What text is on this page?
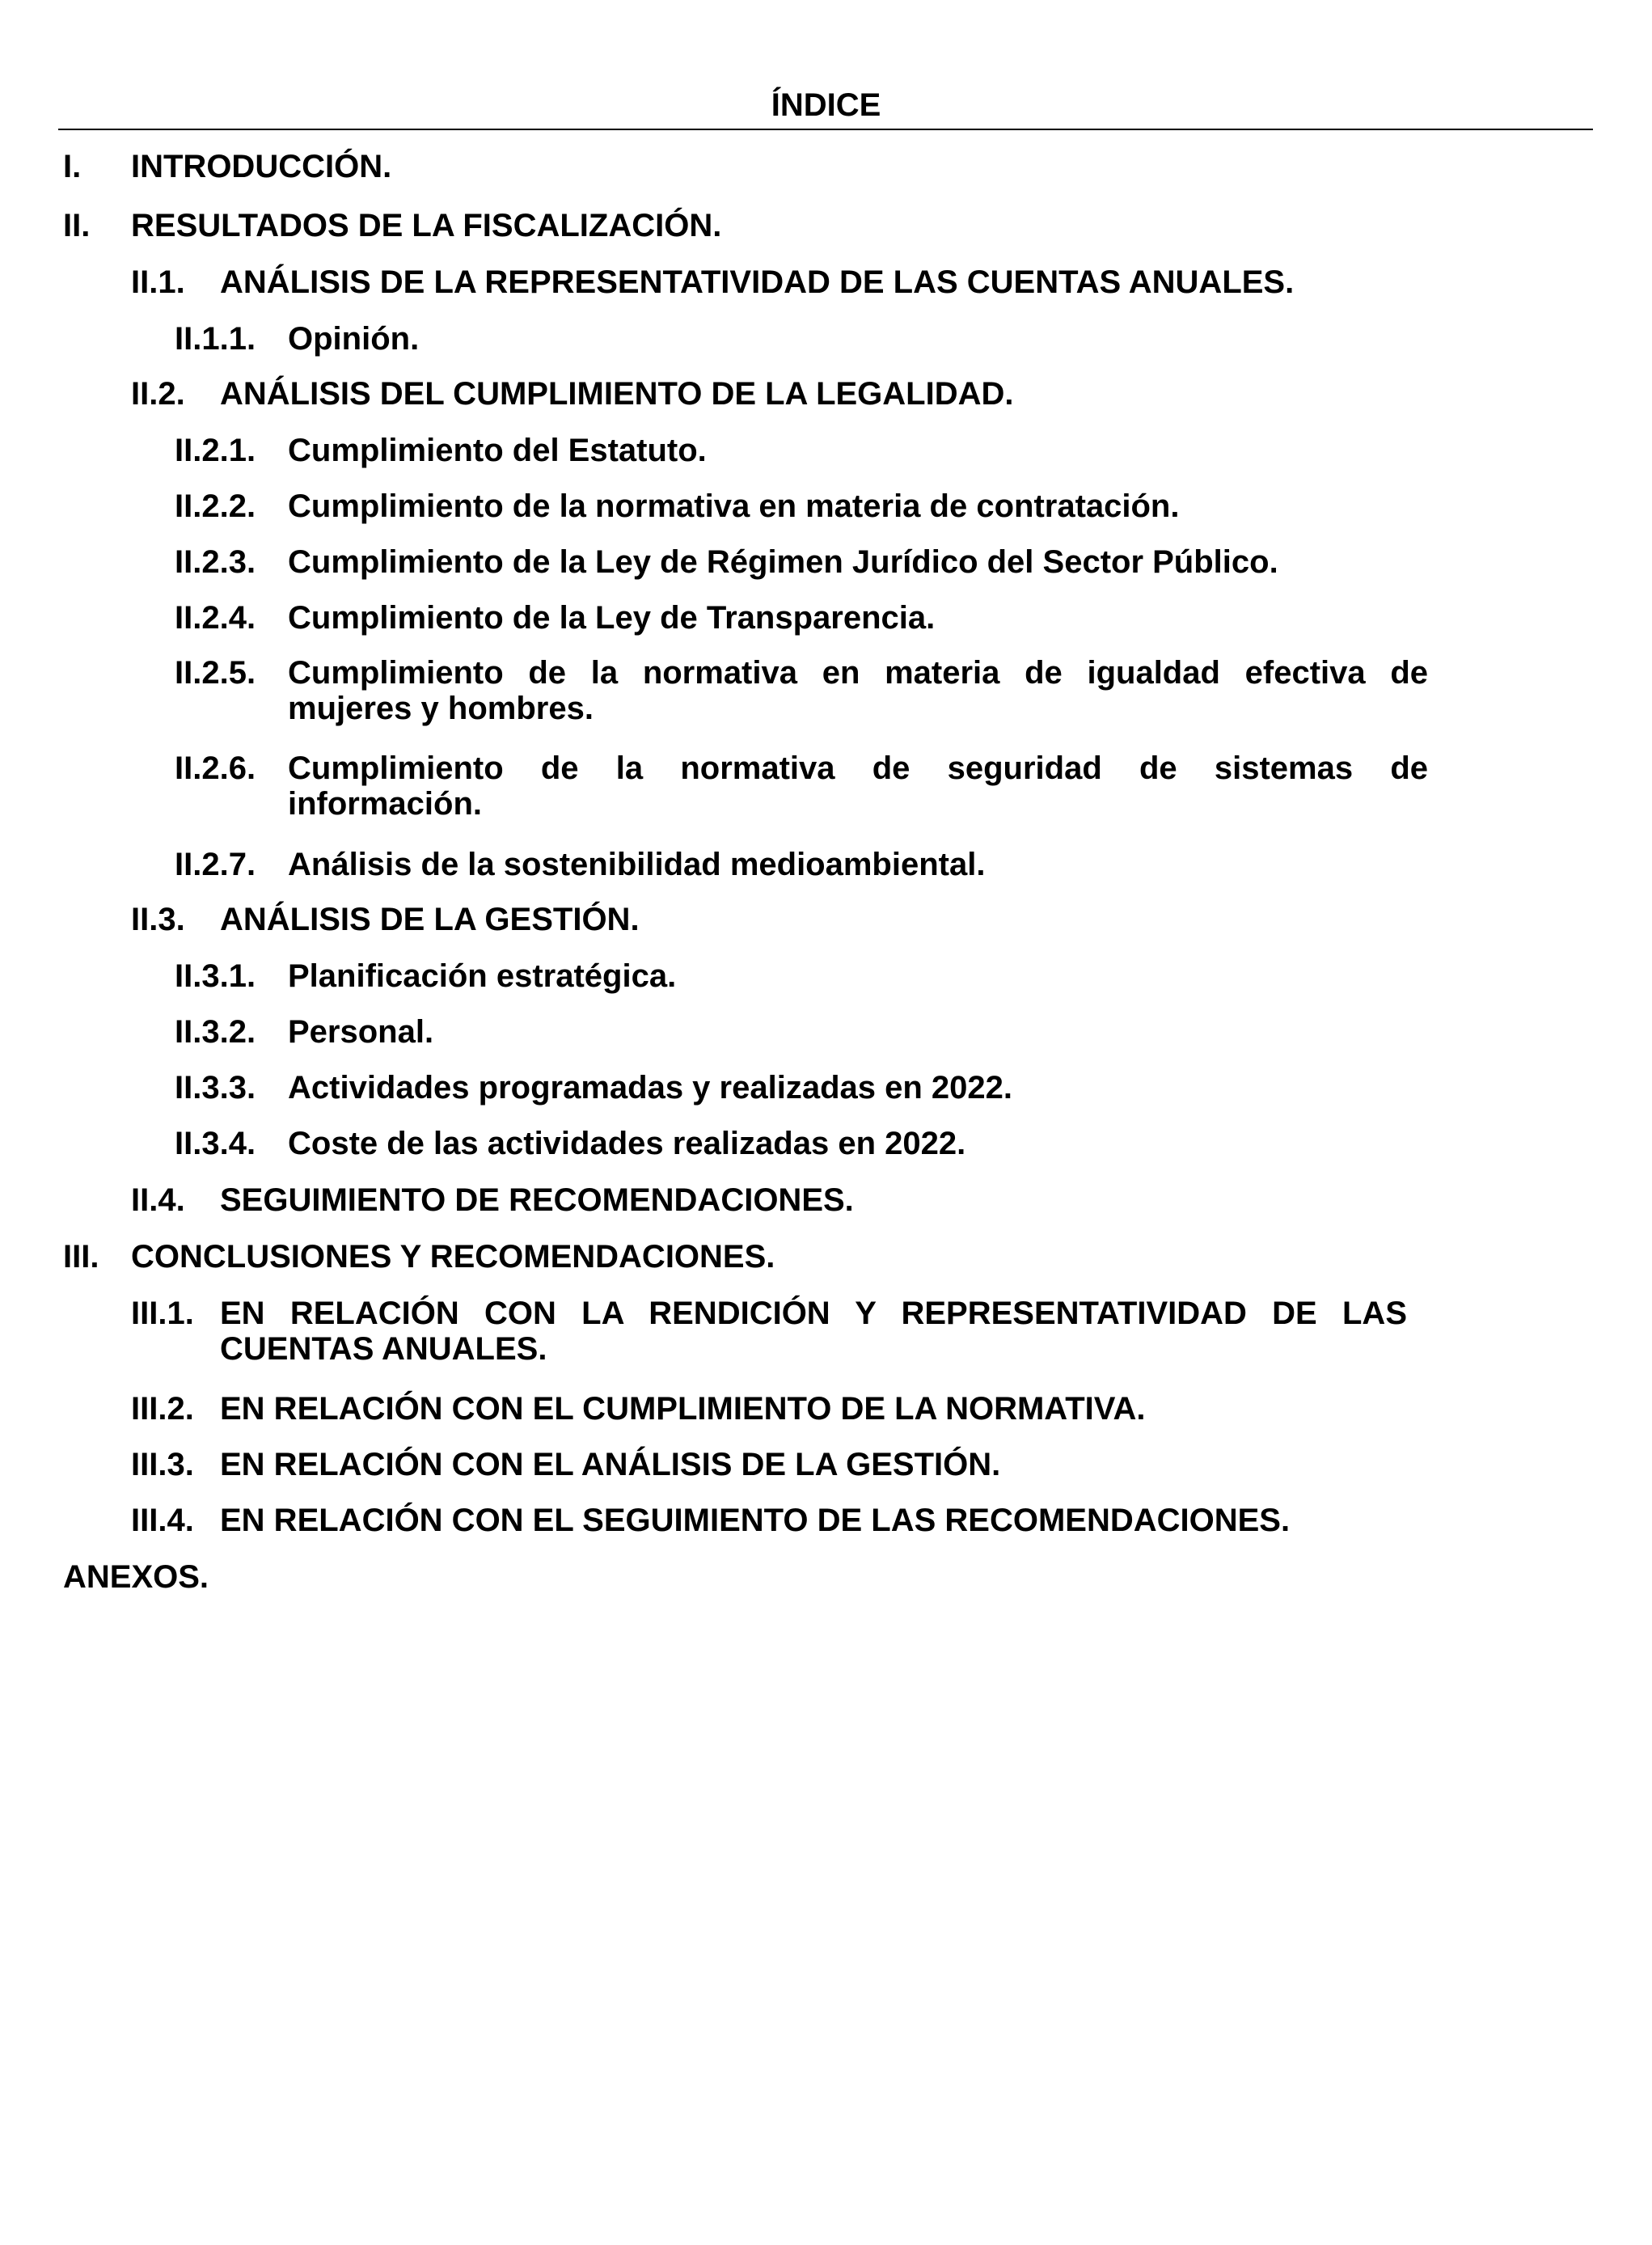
ÍNDICE
I. INTRODUCCIÓN.
II. RESULTADOS DE LA FISCALIZACIÓN.
II.1. ANÁLISIS DE LA REPRESENTATIVIDAD DE LAS CUENTAS ANUALES.
II.1.1. Opinión.
II.2. ANÁLISIS DEL CUMPLIMIENTO DE LA LEGALIDAD.
II.2.1. Cumplimiento del Estatuto.
II.2.2. Cumplimiento de la normativa en materia de contratación.
II.2.3. Cumplimiento de la Ley de Régimen Jurídico del Sector Público.
II.2.4. Cumplimiento de la Ley de Transparencia.
II.2.5. Cumplimiento de la normativa en materia de igualdad efectiva de
mujeres y hombres.
II.2.6. Cumplimiento de la normativa de seguridad de sistemas de
información.
II.2.7. Análisis de la sostenibilidad medioambiental.
II.3. ANÁLISIS DE LA GESTIÓN.
II.3.1. Planificación estratégica.
II.3.2. Personal.
II.3.3. Actividades programadas y realizadas en 2022.
II.3.4. Coste de las actividades realizadas en 2022.
II.4. SEGUIMIENTO DE RECOMENDACIONES.
III. CONCLUSIONES Y RECOMENDACIONES.
III.1. EN RELACIÓN CON LA RENDICIÓN Y REPRESENTATIVIDAD DE LAS
CUENTAS ANUALES.
III.2. EN RELACIÓN CON EL CUMPLIMIENTO DE LA NORMATIVA.
III.3. EN RELACIÓN CON EL ANÁLISIS DE LA GESTIÓN.
III.4. EN RELACIÓN CON EL SEGUIMIENTO DE LAS RECOMENDACIONES.
ANEXOS.
